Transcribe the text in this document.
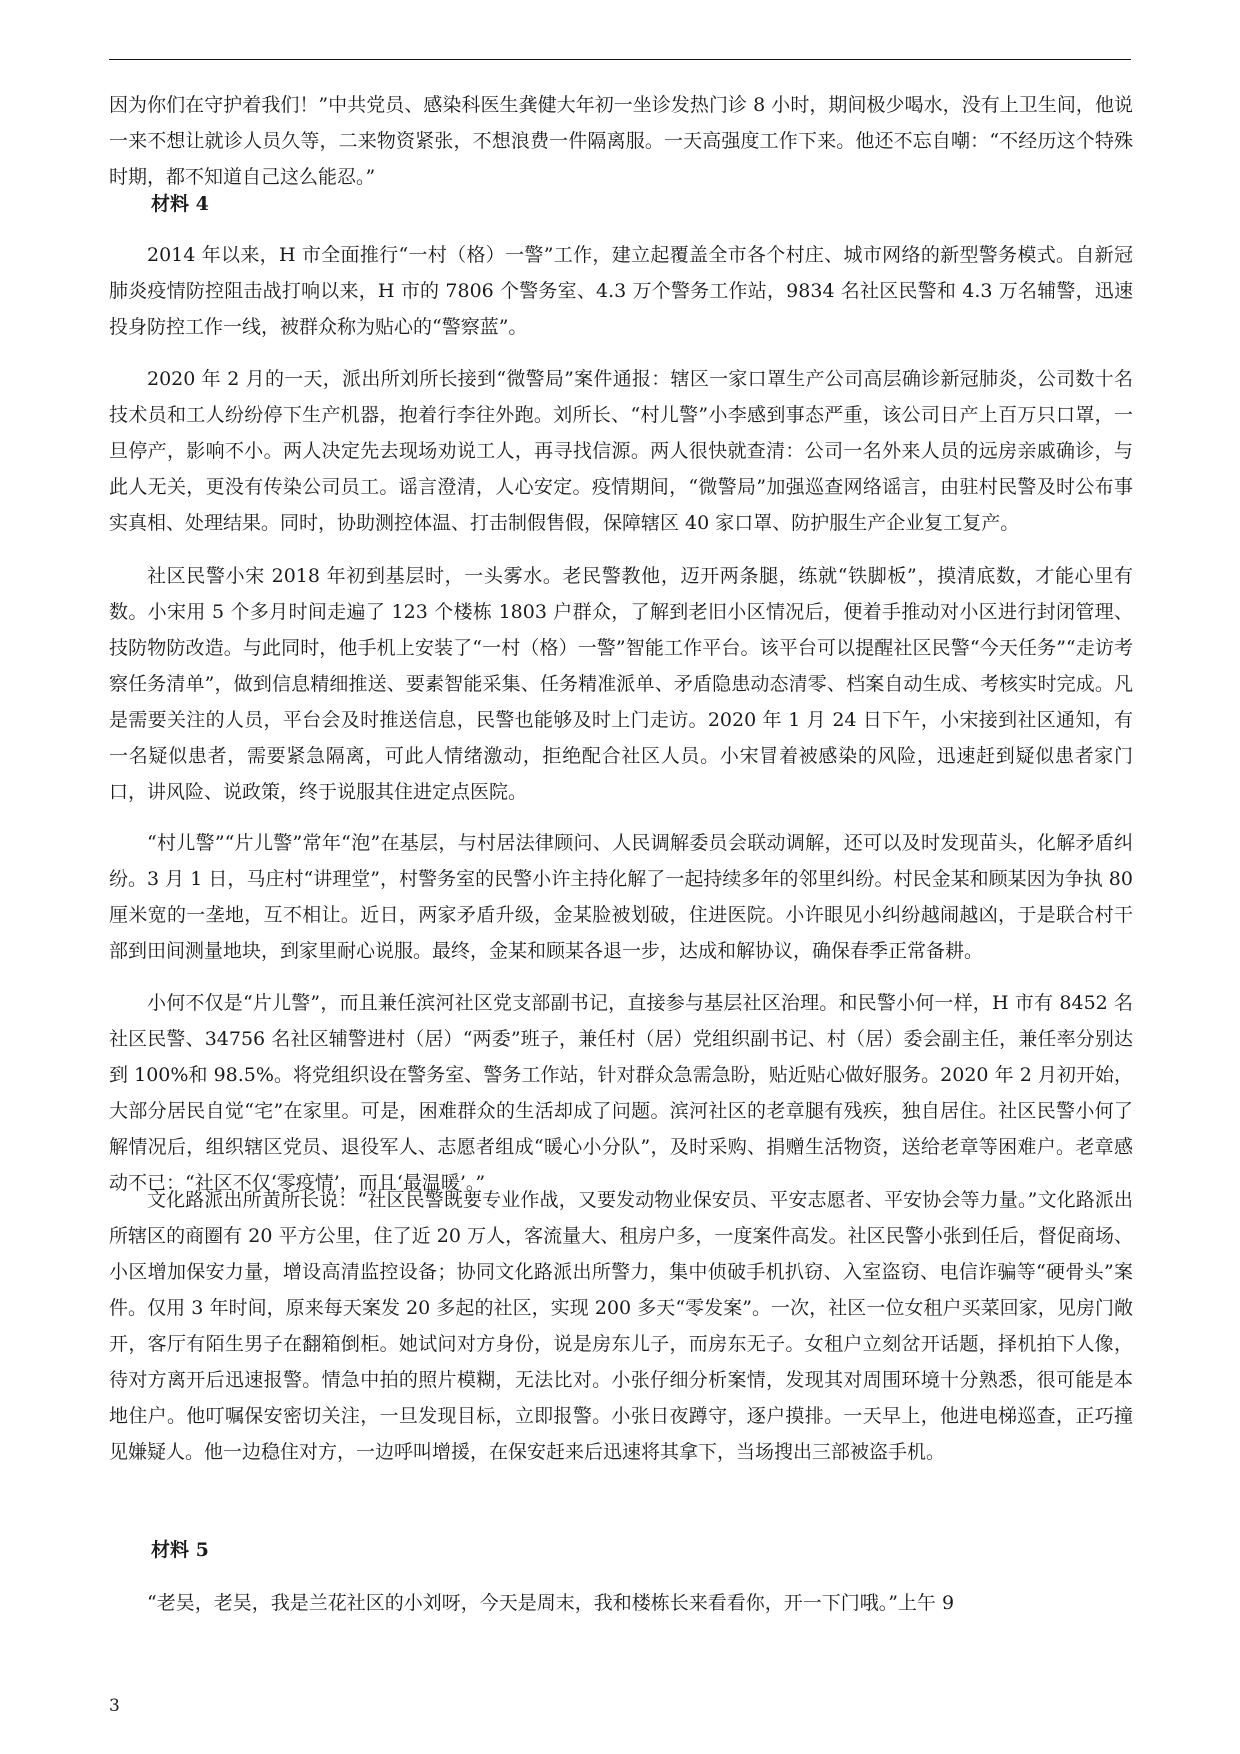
因为你们在守护着我们！”中共党员、感染科医生龚健大年初一坐诊发热门诊 8 小时，期间极少喝水，没有上卫生间，他说一来不想让就诊人员久等，二来物资紧张，不想浪费一件隔离服。一天高强度工作下来。他还不忘自嘲：“不经历这个特殊时期，都不知道自己这么能忍。”
材料 4
2014 年以来，H 市全面推行“一村（格）一警”工作，建立起覆盖全市各个村庄、城市网络的新型警务模式。自新冠肺炎疫情防控阻击战打响以来，H 市的 7806 个警务室、4.3 万个警务工作站，9834 名社区民警和 4.3 万名辅警，迅速投身防控工作一线，被群众称为贴心的“警察蓝”。
2020 年 2 月的一天，派出所刘所长接到“微警局”案件通报：辖区一家口罩生产公司高层确诊新冠肺炎，公司数十名技术员和工人纷纷停下生产机器，抱着行李往外跑。刘所长、“村儿警”小李感到事态严重，该公司日产上百万只口罩，一旦停产，影响不小。两人决定先去现场劝说工人，再寻找信源。两人很快就查清：公司一名外来人员的远房亲戚确诊，与此人无关，更没有传染公司员工。谣言澄清，人心安定。疫情期间，“微警局”加强巡查网络谣言，由驻村民警及时公布事实真相、处理结果。同时，协助测控体温、打击制假售假，保障辖区 40 家口罩、防护服生产企业复工复产。
社区民警小宋 2018 年初到基层时，一头雾水。老民警教他，迈开两条腿，练就“铁脚板”，摸清底数，才能心里有数。小宋用 5 个多月时间走遍了 123 个楼栋 1803 户群众，了解到老旧小区情况后，便着手推动对小区进行封闭管理、技防物防改造。与此同时，他手机上安装了“一村（格）一警”智能工作平台。该平台可以提醒社区民警“今天任务”“走访考察任务清单”，做到信息精细推送、要素智能采集、任务精准派单、矛盾隐患动态清零、档案自动生成、考核实时完成。凡是需要关注的人员，平台会及时推送信息，民警也能够及时上门走访。2020 年 1 月 24 日下午，小宋接到社区通知，有一名疑似患者，需要紧急隔离，可此人情绪激动，拒绝配合社区人员。小宋冒着被感染的风险，迅速赶到疑似患者家门口，讲风险、说政策，终于说服其住进定点医院。
“村儿警”“片儿警”常年“泡”在基层，与村居法律顾问、人民调解委员会联动调解，还可以及时发现苗头，化解矛盾纠纷。3 月 1 日，马庄村“讲理堂”，村警务室的民警小许主持化解了一起持续多年的邻里纠纷。村民金某和顾某因为争执 80 厘米宽的一垄地，互不相让。近日，两家矛盾升级，金某脸被划破，住进医院。小许眼见小纠纷越闹越凶，于是联合村干部到田间测量地块，到家里耐心说服。最终，金某和顾某各退一步，达成和解协议，确保春季正常备耕。
小何不仅是“片儿警”，而且兼任滨河社区党支部副书记，直接参与基层社区治理。和民警小何一样，H 市有 8452 名社区民警、34756 名社区辅警进村（居）“两委”班子，兼任村（居）党组织副书记、村（居）委会副主任，兼任率分别达到 100%和 98.5%。将党组织设在警务室、警务工作站，针对群众急需急盼，贴近贴心做好服务。2020 年 2 月初开始，大部分居民自觉“宅”在家里。可是，困难群众的生活却成了问题。滨河社区的老章腿有残疾，独自居住。社区民警小何了解情况后，组织辖区党员、退役军人、志愿者组成“暖心小分队”，及时采购、捐赠生活物资，送给老章等困难户。老章感动不已：“社区不仅‘零疫情’，而且‘最温暖’。”
文化路派出所黄所长说：“社区民警既要专业作战，又要发动物业保安员、平安志愿者、平安协会等力量。”文化路派出所辖区的商圈有 20 平方公里，住了近 20 万人，客流量大、租房户多，一度案件高发。社区民警小张到任后，督促商场、小区增加保安力量，增设高清监控设备；协同文化路派出所警力，集中侦破手机扒窃、入室盗窃、电信诈骗等“硬骨头”案件。仅用 3 年时间，原来每天案发 20 多起的社区，实现 200 多天“零发案”。一次，社区一位女租户买菜回家，见房门敞开，客厅有陌生男子在翻箱倒柜。她试问对方身份，说是房东儿子，而房东无子。女租户立刻岔开话题，择机拍下人像，待对方离开后迅速报警。情急中拍的照片模糊，无法比对。小张仔细分析案情，发现其对周围环境十分熟悉，很可能是本地住户。他叮嘱保安密切关注，一旦发现目标，立即报警。小张日夜蹲守，逐户摸排。一天早上，他进电梯巡查，正巧撞见嫌疑人。他一边稳住对方，一边呼叫增援，在保安赶来后迅速将其拿下，当场搜出三部被盗手机。
材料 5
“老吴，老吴，我是兰花社区的小刘呀，今天是周末，我和楼栋长来看看你，开一下门哦。”上午 9
3
